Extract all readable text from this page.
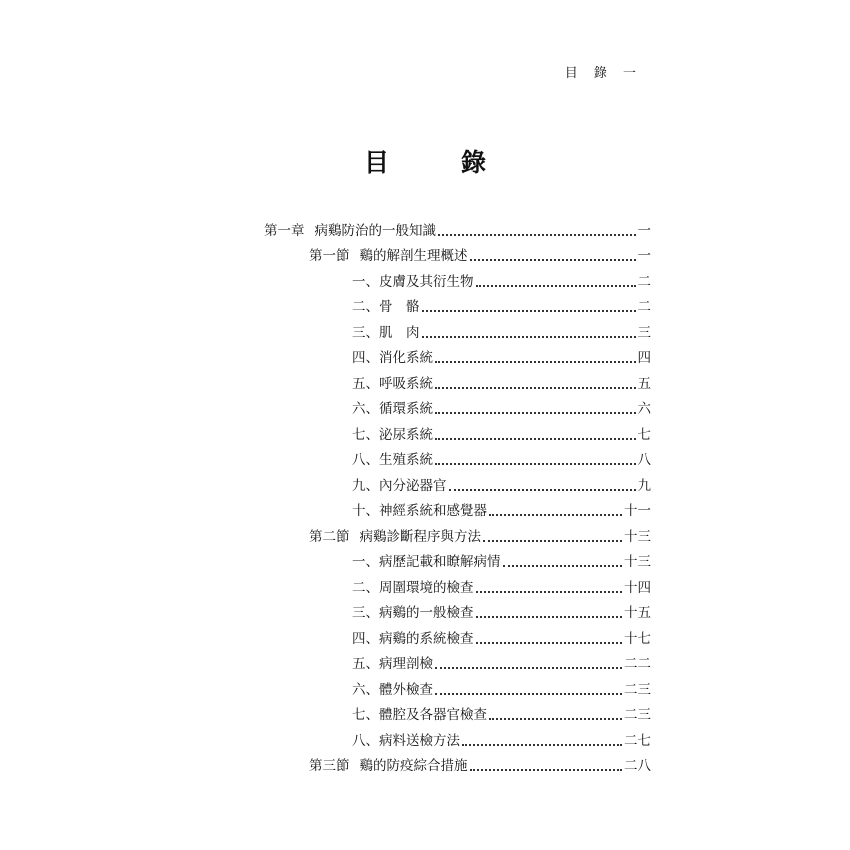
目 錄 一
目錄
第一章 病鷄防治的一般知識	一
第一節 鷄的解剖生理概述	一
一、 皮膚及其衍生物	二
二、 骨　骼	二
三、 肌　肉	三
四、 消化系統	四
五、 呼吸系統	五
六、 循環系統	六
七、 泌尿系統	七
八、 生殖系統	八
九、 內分泌器官	九
十、 神經系統和感覺器	十一
第二節 病鷄診斷程序與方法	十三
一、 病歷記載和瞭解病情	十三
二、 周圍環境的檢查	十四
三、 病鷄的一般檢查	十五
四、 病鷄的系統檢查	十七
五、 病理剖檢	二二
六、 體外檢查	二三
七、 體腔及各器官檢查	二三
八、 病料送檢方法	二七
第三節 鷄的防疫綜合措施	二八
